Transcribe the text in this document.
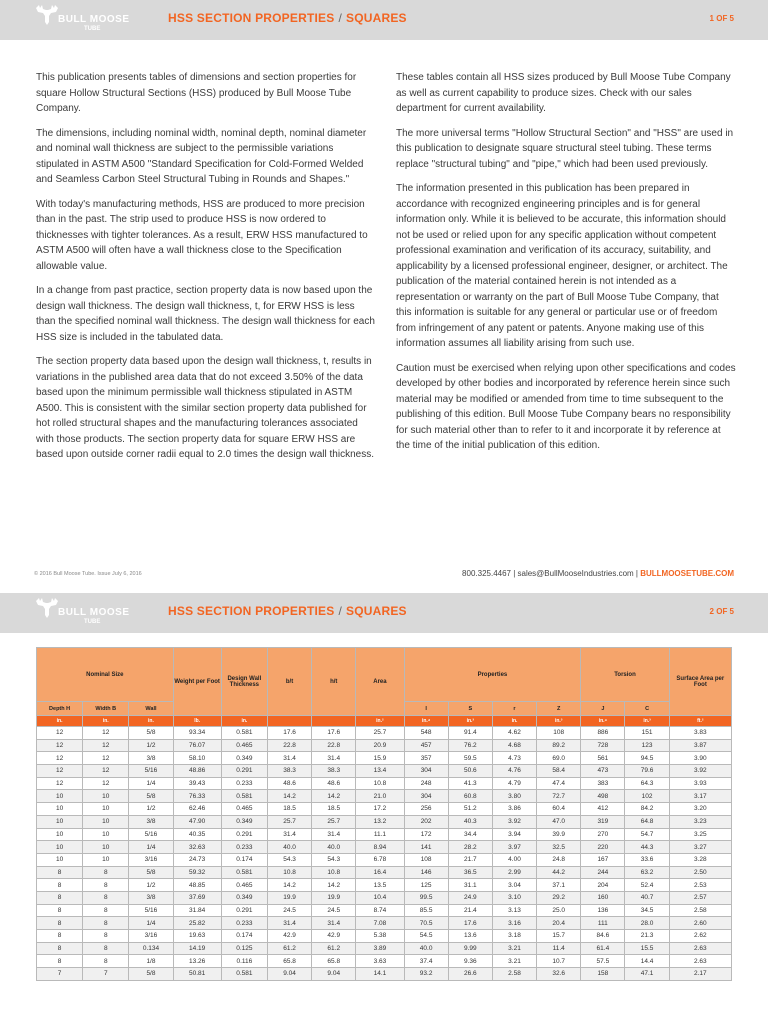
BULL MOOSE
TUBE
HSS SECTION PROPERTIES / SQUARES	1 OF 5

This publication presents tables of dimensions and section properties for square Hollow Structural Sections (HSS) produced by Bull Moose Tube Company.

The dimensions, including nominal width, nominal depth, nominal diameter and nominal wall thickness are subject to the permissible variations stipulated in ASTM A500 "Standard Specification for Cold-Formed Welded and Seamless Carbon Steel Structural Tubing in Rounds and Shapes."

With today's manufacturing methods, HSS are produced to more precision than in the past. The strip used to produce HSS is now ordered to thicknesses with tighter tolerances. As a result, ERW HSS manufactured to ASTM A500 will often have a wall thickness close to the Specification allowable value.

In a change from past practice, section property data is now based upon the design wall thickness. The design wall thickness, t, for ERW HSS is less than the specified nominal wall thickness. The design wall thickness for each HSS size is included in the tabulated data.

The section property data based upon the design wall thickness, t, results in variations in the published area data that do not exceed 3.50% of the data based upon the minimum permissible wall thickness stipulated in ASTM A500. This is consistent with the similar section property data published for hot rolled structural shapes and the manufacturing tolerances associated with those products. The section property data for square ERW HSS are based upon outside corner radii equal to 2.0 times the design wall thickness.

These tables contain all HSS sizes produced by Bull Moose Tube Company as well as current capability to produce sizes. Check with our sales department for current availability.

The more universal terms "Hollow Structural Section" and "HSS" are used in this publication to designate square structural steel tubing. These terms replace "structural tubing" and "pipe," which had been used previously.

The information presented in this publication has been prepared in accordance with recognized engineering principles and is for general information only. While it is believed to be accurate, this information should not be used or relied upon for any specific application without competent professional examination and verification of its accuracy, suitability, and applicability by a licensed professional engineer, designer, or architect. The publication of the material contained herein is not intended as a representation or warranty on the part of Bull Moose Tube Company, that this information is suitable for any general or particular use or of freedom from infringement of any patent or patents. Anyone making use of this information assumes all liability arising from such use.

Caution must be exercised when relying upon other specifications and codes developed by other bodies and incorporated by reference herein since such material may be modified or amended from time to time subsequent to the publishing of this edition. Bull Moose Tube Company bears no responsibility for such material other than to refer to it and incorporate it by reference at the time of the initial publication of this edition.

© 2016 Bull Moose Tube. Issue July 6, 2016	800.325.4467 | sales@BullMooseIndustries.com | BULLMOOSETUBE.COM
BULL MOOSE
TUBE
HSS SECTION PROPERTIES / SQUARES	2 OF 5
Nominal Size			Weight per Foot	Design Wall Thickness	b/t	h/t	Area	Properties				Torsion		Surface Area per Foot
Depth H	Width B	Wall						I	S	r	Z	J	C	
in.	in.	in.	lb.	in.			in.²	in.⁴	in.³	in.	in.³	in.⁴	in.³	ft.²
12	12	5/8	93.34	0.581	17.6	17.6	25.7	548	91.4	4.62	108	886	151	3.83
12	12	1/2	76.07	0.465	22.8	22.8	20.9	457	76.2	4.68	89.2	728	123	3.87
12	12	3/8	58.10	0.349	31.4	31.4	15.9	357	59.5	4.73	69.0	561	94.5	3.90
12	12	5/16	48.86	0.291	38.3	38.3	13.4	304	50.6	4.76	58.4	473	79.6	3.92
12	12	1/4	39.43	0.233	48.6	48.6	10.8	248	41.3	4.79	47.4	383	64.3	3.93
10	10	5/8	76.33	0.581	14.2	14.2	21.0	304	60.8	3.80	72.7	498	102	3.17
10	10	1/2	62.46	0.465	18.5	18.5	17.2	256	51.2	3.86	60.4	412	84.2	3.20
10	10	3/8	47.90	0.349	25.7	25.7	13.2	202	40.3	3.92	47.0	319	64.8	3.23
10	10	5/16	40.35	0.291	31.4	31.4	11.1	172	34.4	3.94	39.9	270	54.7	3.25
10	10	1/4	32.63	0.233	40.0	40.0	8.94	141	28.2	3.97	32.5	220	44.3	3.27
10	10	3/16	24.73	0.174	54.3	54.3	6.78	108	21.7	4.00	24.8	167	33.6	3.28
8	8	5/8	59.32	0.581	10.8	10.8	16.4	146	36.5	2.99	44.2	244	63.2	2.50
8	8	1/2	48.85	0.465	14.2	14.2	13.5	125	31.1	3.04	37.1	204	52.4	2.53
8	8	3/8	37.69	0.349	19.9	19.9	10.4	99.5	24.9	3.10	29.2	160	40.7	2.57
8	8	5/16	31.84	0.291	24.5	24.5	8.74	85.5	21.4	3.13	25.0	136	34.5	2.58
8	8	1/4	25.82	0.233	31.4	31.4	7.08	70.5	17.6	3.16	20.4	111	28.0	2.60
8	8	3/16	19.63	0.174	42.9	42.9	5.38	54.5	13.6	3.18	15.7	84.6	21.3	2.62
8	8	0.134	14.19	0.125	61.2	61.2	3.89	40.0	9.99	3.21	11.4	61.4	15.5	2.63
8	8	1/8	13.26	0.116	65.8	65.8	3.63	37.4	9.36	3.21	10.7	57.5	14.4	2.63
7	7	5/8	50.81	0.581	9.04	9.04	14.1	93.2	26.6	2.58	32.6	158	47.1	2.17
